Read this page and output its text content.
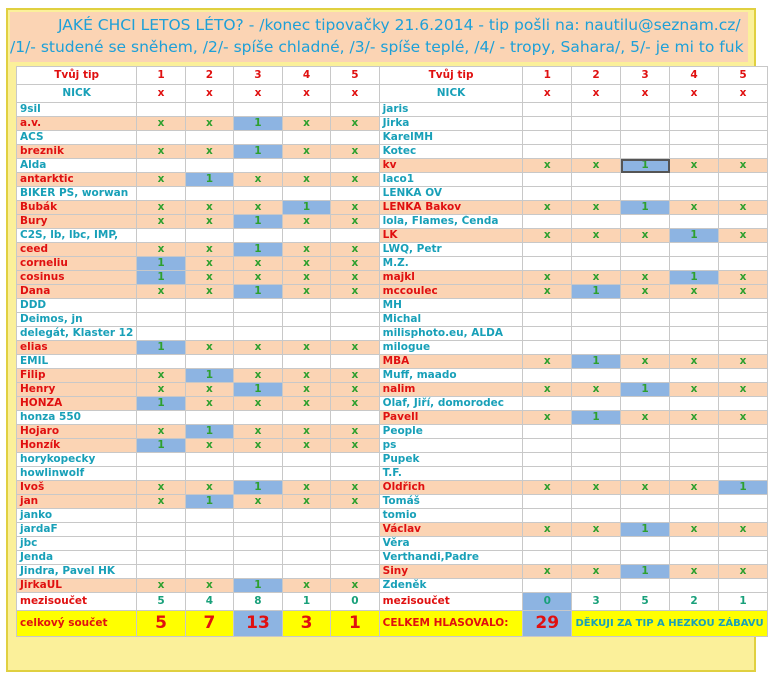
JAKÉ CHCI LETOS LÉTO? - /konec tipovačky 21.6.2014 - tip pošli na: nautilu@seznam.cz/
/1/- studené se sněhem, /2/- spíše chladné, /3/- spíše teplé, /4/ - tropy, Sahara/, 5/- je mi to fuk
Tvůj tip	1	2	3	4	5	Tvůj tip	1	2	3	4	5
NICK	x	x	x	x	x	NICK	x	x	x	x	x
9sil						jaris					
a.v.	x	x	1	x	x	Jirka					
ACS						KarelMH					
breznik	x	x	1	x	x	Kotec					
Alda						kv	x	x	1	x	x
antarktic	x	1	x	x	x	laco1					
BIKER PS, worwan						LENKA OV					
Bubák	x	x	x	1	x	LENKA Bakov	x	x	1	x	x
Bury	x	x	1	x	x	lola, Flames, Čenda					
C2S, lb, lbc, IMP,						LK	x	x	x	1	x
ceed	x	x	1	x	x	LWQ, Petr					
corneliu	1	x	x	x	x	M.Z.					
cosinus	1	x	x	x	x	majkl	x	x	x	1	x
Dana	x	x	1	x	x	mccoulec	x	1	x	x	x
DDD						MH					
Deimos, jn						Michal					
delegát, Klaster 12						milisphoto.eu, ALDA					
elias	1	x	x	x	x	milogue					
EMIL						MBA	x	1	x	x	x
Filip	x	1	x	x	x	Muff, maado					
Henry	x	x	1	x	x	nalim	x	x	1	x	x
HONZA	1	x	x	x	x	Olaf, Jiří, domorodec					
honza 550						Pavell	x	1	x	x	x
Hojaro	x	1	x	x	x	People					
Honzík	1	x	x	x	x	ps					
horykopecky						Pupek					
howlinwolf						T.F.					
Ivoš	x	x	1	x	x	Oldřich	x	x	x	x	1
jan	x	1	x	x	x	Tomáš					
janko						tomio					
jardaF						Václav	x	x	1	x	x
jbc						Věra					
Jenda						Verthandi,Padre					
Jindra, Pavel HK						Siny	x	x	1	x	x
JirkaUL	x	x	1	x	x	Zdeněk					
mezisoučet	5	4	8	1	0	mezisoučet	0	3	5	2	1
celkový součet	5	7	13	3	1	CELKEM HLASOVALO:	29	DĚKUJI ZA TIP A HEZKOU ZÁBAVU			
